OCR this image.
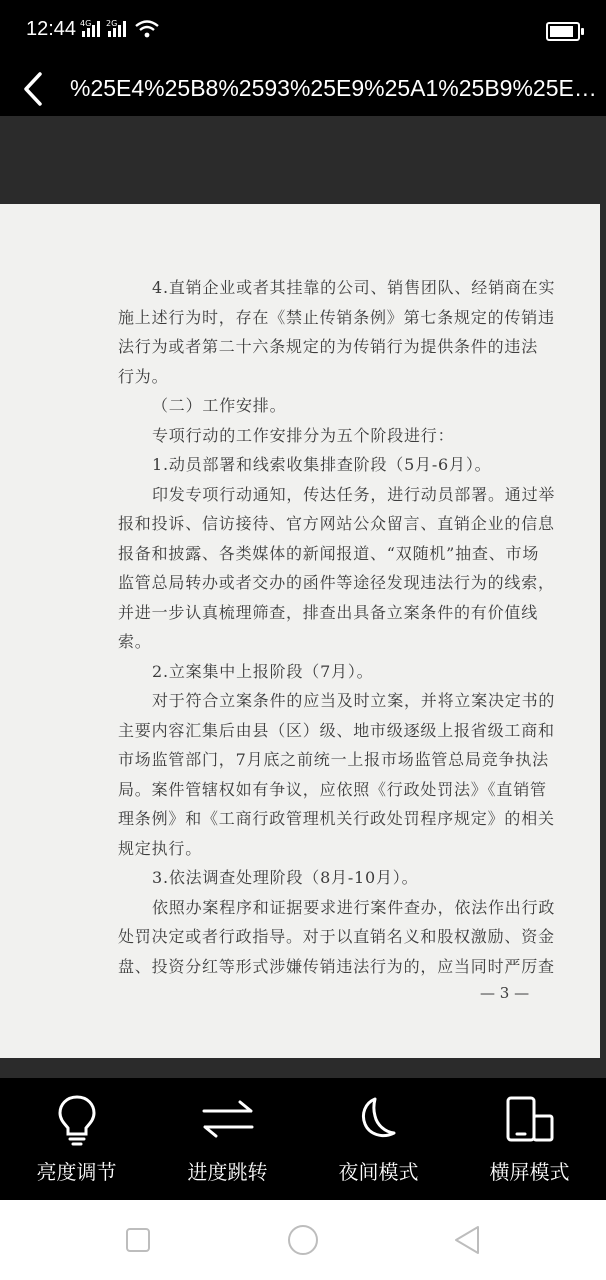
12:44 4G 2G
%25E4%25B8%2593%25E9%25A1%25B9%25E…
4.直销企业或者其挂靠的公司、销售团队、经销商在实
施上述行为时，存在《禁止传销条例》第七条规定的传销违
法行为或者第二十六条规定的为传销行为提供条件的违法
行为。
（二）工作安排。
专项行动的工作安排分为五个阶段进行：
1.动员部署和线索收集排查阶段（5月-6月）。
印发专项行动通知，传达任务，进行动员部署。通过举
报和投诉、信访接待、官方网站公众留言、直销企业的信息
报备和披露、各类媒体的新闻报道、“双随机”抽查、市场
监管总局转办或者交办的函件等途径发现违法行为的线索，
并进一步认真梳理筛查，排查出具备立案条件的有价值线
索。
2.立案集中上报阶段（7月）。
对于符合立案条件的应当及时立案，并将立案决定书的
主要内容汇集后由县（区）级、地市级逐级上报省级工商和
市场监管部门，7月底之前统一上报市场监管总局竞争执法
局。案件管辖权如有争议，应依照《行政处罚法》《直销管
理条例》和《工商行政管理机关行政处罚程序规定》的相关
规定执行。
3.依法调查处理阶段（8月-10月）。
依照办案程序和证据要求进行案件查办，依法作出行政
处罚决定或者行政指导。对于以直销名义和股权激励、资金
盘、投资分红等形式涉嫌传销违法行为的，应当同时严厉查
— 3 —
亮度调节	进度跳转	夜间模式	横屏模式
